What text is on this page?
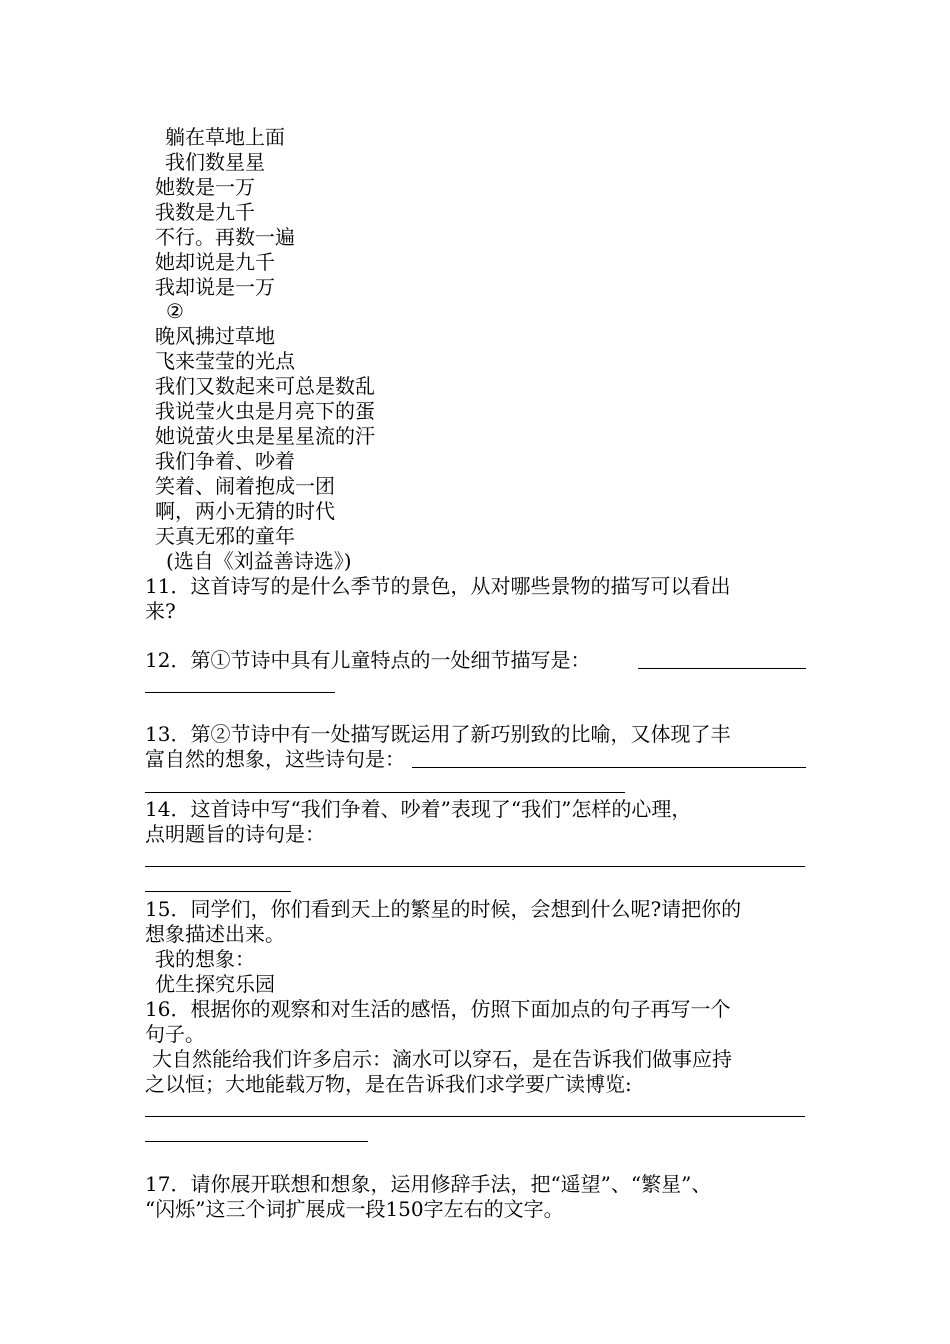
躺在草地上面
我们数星星
她数是一万
我数是九千
不行。再数一遍
她却说是九千
我却说是一万
②
晚风拂过草地
飞来莹莹的光点
我们又数起来可总是数乱
我说莹火虫是月亮下的蛋
她说萤火虫是星星流的汗
我们争着、吵着
笑着、闹着抱成一团
啊，两小无猜的时代
天真无邪的童年
(选自《刘益善诗选》)
11．这首诗写的是什么季节的景色，从对哪些景物的描写可以看出
来?
12．第①节诗中具有儿童特点的一处细节描写是：
13．第②节诗中有一处描写既运用了新巧别致的比喻，又体现了丰
富自然的想象，这些诗句是：
14．这首诗中写“我们争着、吵着”表现了“我们”怎样的心理，
点明题旨的诗句是：
15．同学们，你们看到天上的繁星的时候，会想到什么呢?请把你的
想象描述出来。
我的想象：
优生探究乐园
16．根据你的观察和对生活的感悟，仿照下面加点的句子再写一个
句子。
大自然能给我们许多启示：滴水可以穿石，是在告诉我们做事应持
之以恒；大地能载万物，是在告诉我们求学要广读博览:
17．请你展开联想和想象，运用修辞手法，把“遥望”、“繁星”、
“闪烁”这三个词扩展成一段150字左右的文字。
